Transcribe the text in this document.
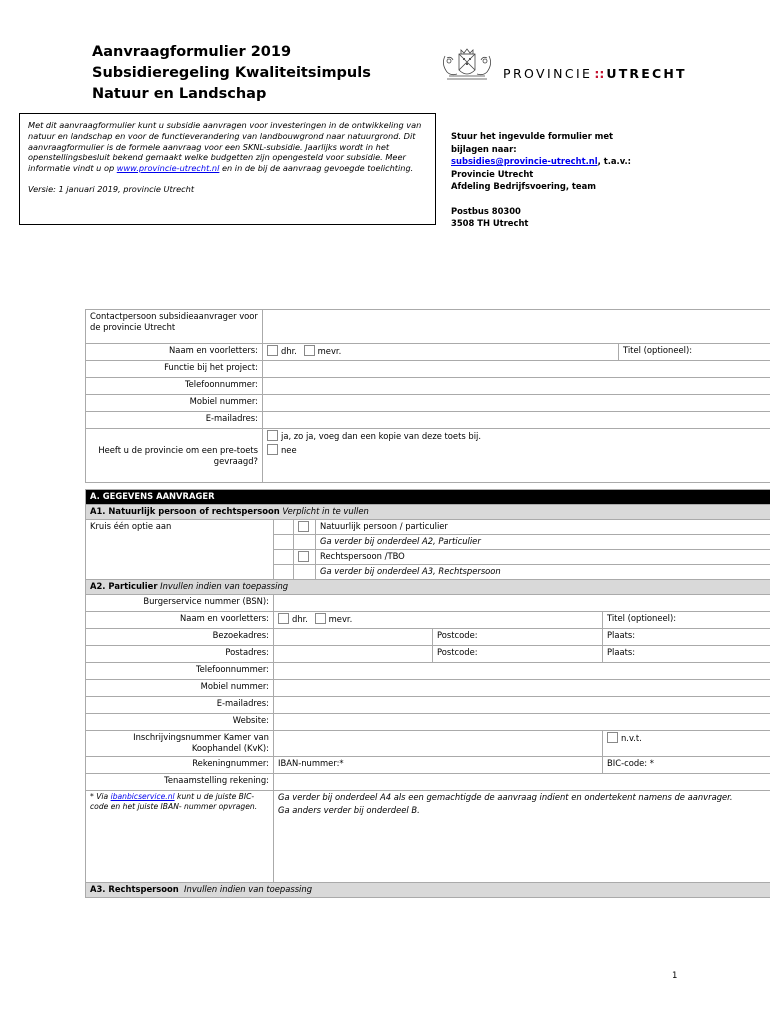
Aanvraagformulier 2019
Subsidieregeling Kwaliteitsimpuls
Natuur en Landschap
PROVINCIE :: UTRECHT
Met dit aanvraagformulier kunt u subsidie aanvragen voor investeringen in de ontwikkeling van natuur en landschap en voor de functieverandering van landbouwgrond naar natuurgrond. Dit aanvraagformulier is de formele aanvraag voor een SKNL-subsidie. Jaarlijks wordt in het openstellingsbesluit bekend gemaakt welke budgetten zijn opengesteld voor subsidie. Meer informatie vindt u op www.provincie-utrecht.nl en in de bij de aanvraag gevoegde toelichting.
Versie: 1 januari 2019, provincie Utrecht
Stuur het ingevulde formulier met
bijlagen naar:
subsidies@provincie-utrecht.nl, t.a.v.:
Provincie Utrecht
Afdeling Bedrijfsvoering, team
Postbus 80300
3508 TH Utrecht
Contactpersoon subsidieaanvrager voor de provincie Utrecht		
Naam en voorletters:	dhr. mevr.	Titel (optioneel):
Functie bij het project:		
Telefoonnummer:		
Mobiel nummer:		
E-mailadres:		
Heeft u de provincie om een pre-toets gevraagd?	ja, zo ja, voeg dan een kopie van deze toets bij.
nee	
A. GEGEVENS AANVRAGER					
A1. Natuurlijk persoon of rechtspersoon Verplicht in te vullen					
Kruis één optie aan			Natuurlijk persoon / particulier		
			Ga verder bij onderdeel A2, Particulier		
			Rechtspersoon /TBO		
			Ga verder bij onderdeel A3, Rechtspersoon		
A2. Particulier Invullen indien van toepassing					
Burgerservice nummer (BSN):					
Naam en voorletters:	dhr. mevr.				Titel (optioneel):
Bezoekadres:				Postcode:	Plaats:
Postadres:				Postcode:	Plaats:
Telefoonnummer:					
Mobiel nummer:					
E-mailadres:					
Website:					
Inschrijvingsnummer Kamer van Koophandel (KvK):					n.v.t.
Rekeningnummer:	IBAN-nummer:*				BIC-code: *
Tenaamstelling rekening:					
* Via ibanbicservice.nl kunt u de juiste BIC-code en het juiste IBAN- nummer opvragen.	Ga verder bij onderdeel A4 als een gemachtigde de aanvraag indient en ondertekent namens de aanvrager.
Ga anders verder bij onderdeel B.				

A3. Rechtspersoon Invullen indien van toepassing					
1
